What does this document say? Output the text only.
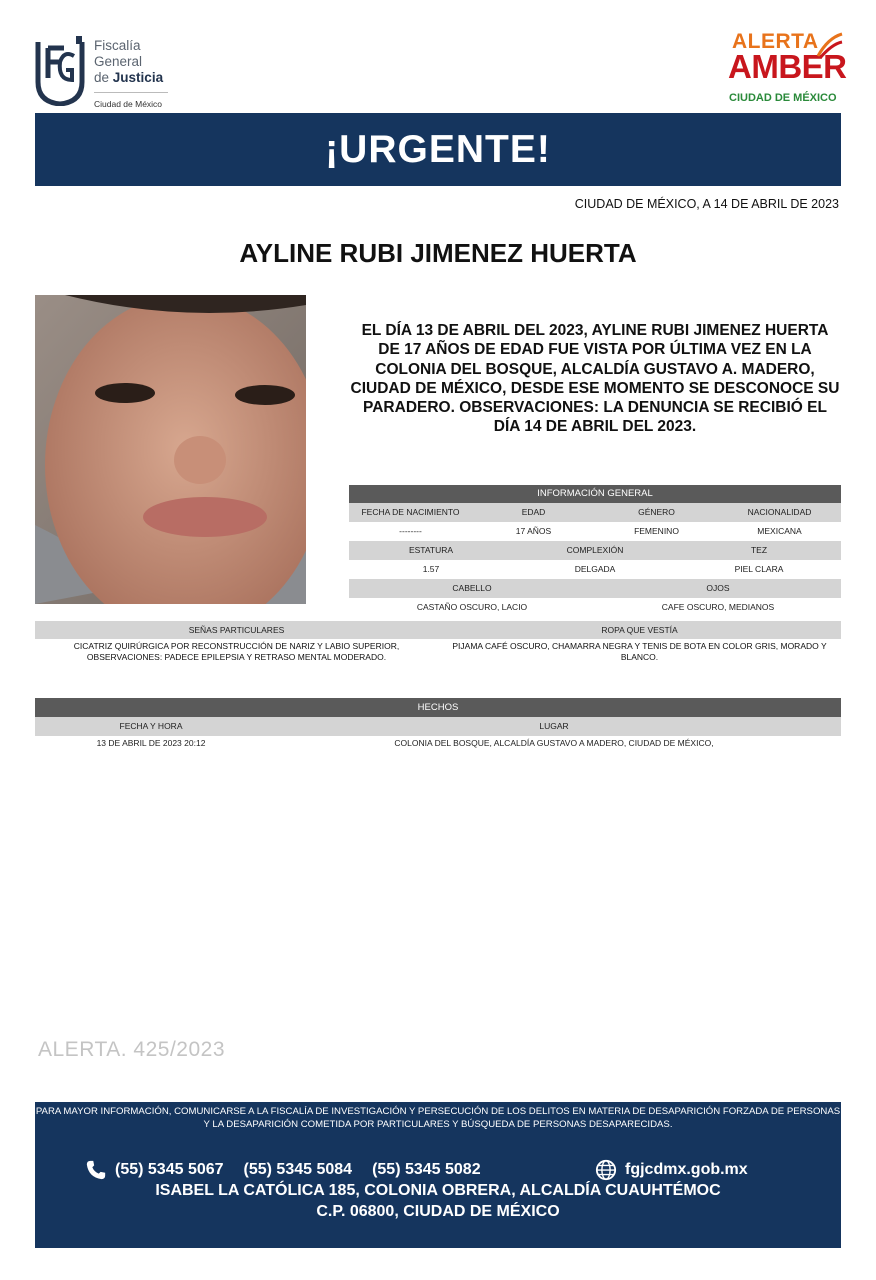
Fiscalía
General
de Justicia
Ciudad de México
ALERTA
AMBER
CIUDAD DE MÉXICO
¡URGENTE!
CIUDAD DE MÉXICO, A 14 DE ABRIL DE 2023
AYLINE RUBI JIMENEZ HUERTA
EL DÍA 13 DE ABRIL DEL 2023, AYLINE RUBI JIMENEZ HUERTA DE 17 AÑOS DE EDAD FUE VISTA POR ÚLTIMA VEZ EN LA COLONIA DEL BOSQUE, ALCALDÍA GUSTAVO A. MADERO, CIUDAD DE MÉXICO, DESDE ESE MOMENTO SE DESCONOCE SU PARADERO. OBSERVACIONES: LA DENUNCIA SE RECIBIÓ EL DÍA 14 DE ABRIL DEL 2023.
INFORMACIÓN GENERAL
FECHA DE NACIMIENTO	EDAD	GÉNERO	NACIONALIDAD
--------	17 AÑOS	FEMENINO	MEXICANA
ESTATURA	COMPLEXIÓN	TEZ
1.57	DELGADA	PIEL CLARA
CABELLO	OJOS
CASTAÑO OSCURO, LACIO	CAFE OSCURO, MEDIANOS
SEÑAS PARTICULARES	ROPA QUE VESTÍA
CICATRIZ QUIRÚRGICA POR RECONSTRUCCIÓN DE NARIZ Y LABIO SUPERIOR, OBSERVACIONES: PADECE EPILEPSIA Y RETRASO MENTAL MODERADO.
PIJAMA CAFÉ OSCURO, CHAMARRA NEGRA Y TENIS DE BOTA EN COLOR GRIS, MORADO Y BLANCO.
HECHOS
FECHA Y HORA	LUGAR
13 DE ABRIL DE 2023 20:12	COLONIA DEL BOSQUE, ALCALDÍA GUSTAVO A MADERO, CIUDAD DE MÉXICO,
ALERTA. 425/2023
PARA MAYOR INFORMACIÓN, COMUNICARSE A LA FISCALÍA DE INVESTIGACIÓN Y PERSECUCIÓN DE LOS DELITOS EN MATERIA DE DESAPARICIÓN FORZADA DE PERSONAS Y LA DESAPARICIÓN COMETIDA POR PARTICULARES Y BÚSQUEDA DE PERSONAS DESAPARECIDAS.
(55) 5345 5067 (55) 5345 5084 (55) 5345 5082	fgjcdmx.gob.mx
ISABEL LA CATÓLICA 185, COLONIA OBRERA, ALCALDÍA CUAUHTÉMOC
C.P. 06800, CIUDAD DE MÉXICO
